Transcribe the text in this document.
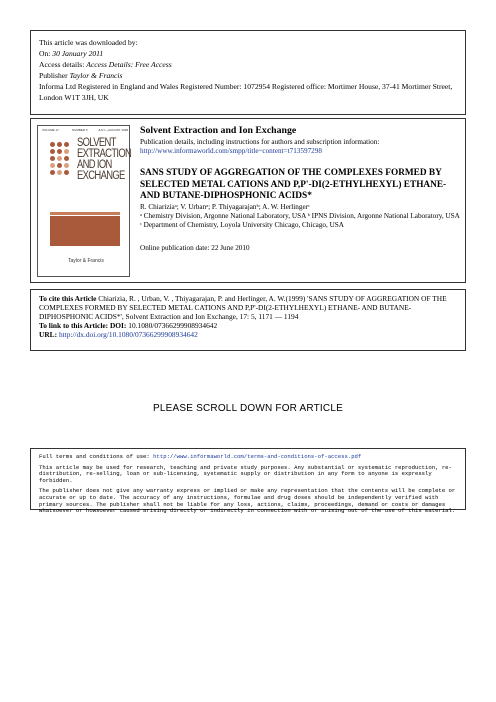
This article was downloaded by:
On: 30 January 2011
Access details: Access Details: Free Access
Publisher Taylor & Francis
Informa Ltd Registered in England and Wales Registered Number: 1072954 Registered office: Mortimer House, 37-41 Mortimer Street, London W1T 3JH, UK
VOLUME 17	NUMBER 5	JULY—AUGUST 1999
SOLVENT EXTRACTION AND ION EXCHANGE
Taylor & Francis
Solvent Extraction and Ion Exchange
Publication details, including instructions for authors and subscription information:
http://www.informaworld.com/smpp/title~content=t713597298
SANS STUDY OF AGGREGATION OF THE COMPLEXES FORMED BY SELECTED METAL CATIONS AND P,P'-DI(2-ETHYLHEXYL) ETHANE- AND BUTANE-DIPHOSPHONIC ACIDS*
R. Chiariziaᵃ; V. Urbanᵃ; P. Thiyagarajanᵇ; A. W. Herlingerᶜ
ᵃ Chemistry Division, Argonne National Laboratory, USA ᵇ IPNS Division, Argonne National Laboratory, USA ᶜ Department of Chemistry, Loyola University Chicago, Chicago, USA
Online publication date: 22 June 2010
To cite this Article Chiarizia, R. , Urban, V. , Thiyagarajan, P. and Herlinger, A. W.(1999) 'SANS STUDY OF AGGREGATION OF THE COMPLEXES FORMED BY SELECTED METAL CATIONS AND P,P'-DI(2-ETHYLHEXYL) ETHANE- AND BUTANE-DIPHOSPHONIC ACIDS*', Solvent Extraction and Ion Exchange, 17: 5, 1171 — 1194
To link to this Article: DOI: 10.1080/07366299908934642
URL: http://dx.doi.org/10.1080/07366299908934642
PLEASE SCROLL DOWN FOR ARTICLE

Full terms and conditions of use: http://www.informaworld.com/terms-and-conditions-of-access.pdf

This article may be used for research, teaching and private study purposes. Any substantial or systematic reproduction, re-distribution, re-selling, loan or sub-licensing, systematic supply or distribution in any form to anyone is expressly forbidden.

The publisher does not give any warranty express or implied or make any representation that the contents will be complete or accurate or up to date. The accuracy of any instructions, formulae and drug doses should be independently verified with primary sources. The publisher shall not be liable for any loss, actions, claims, proceedings, demand or costs or damages whatsoever or howsoever caused arising directly or indirectly in connection with or arising out of the use of this material.
